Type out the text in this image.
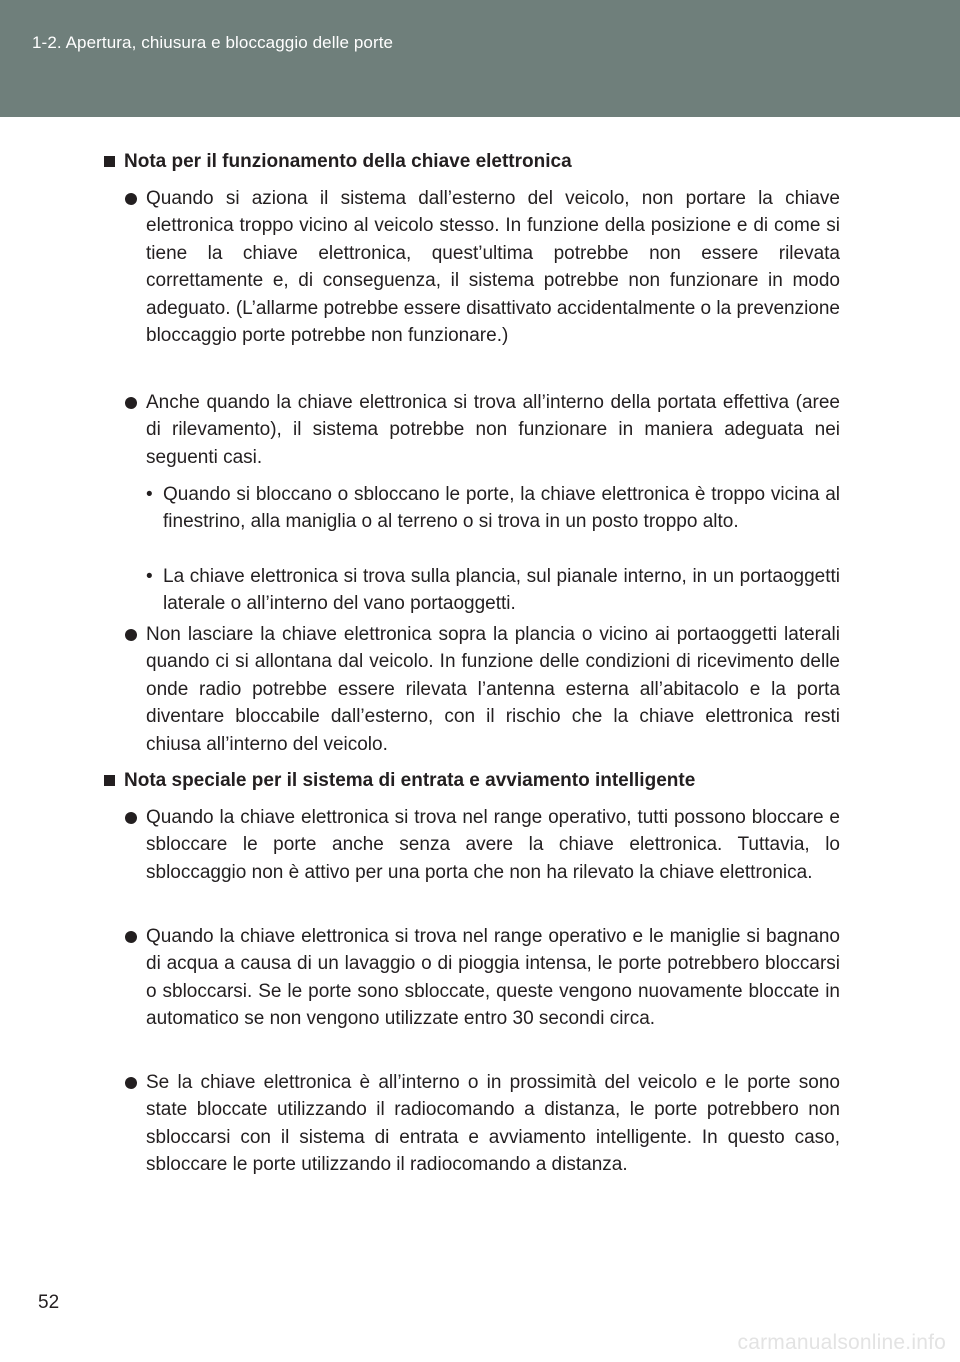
1-2. Apertura, chiusura e bloccaggio delle porte
Nota per il funzionamento della chiave elettronica
Quando si aziona il sistema dall’esterno del veicolo, non portare la chiave elettronica troppo vicino al veicolo stesso. In funzione della posizione e di come si tiene la chiave elettronica, quest’ultima potrebbe non essere rilevata correttamente e, di conseguenza, il sistema potrebbe non funzionare in modo adeguato. (L’allarme potrebbe essere disattivato accidentalmente o la prevenzione bloccaggio porte potrebbe non funzionare.)
Anche quando la chiave elettronica si trova all’interno della portata effettiva (aree di rilevamento), il sistema potrebbe non funzionare in maniera adeguata nei seguenti casi.
• Quando si bloccano o sbloccano le porte, la chiave elettronica è troppo vicina al finestrino, alla maniglia o al terreno o si trova in un posto troppo alto.
• La chiave elettronica si trova sulla plancia, sul pianale interno, in un portaoggetti laterale o all’interno del vano portaoggetti.
Non lasciare la chiave elettronica sopra la plancia o vicino ai portaoggetti laterali quando ci si allontana dal veicolo. In funzione delle condizioni di ricevimento delle onde radio potrebbe essere rilevata l’antenna esterna all’abitacolo e la porta diventare bloccabile dall’esterno, con il rischio che la chiave elettronica resti chiusa all’interno del veicolo.
Nota speciale per il sistema di entrata e avviamento intelligente
Quando la chiave elettronica si trova nel range operativo, tutti possono bloccare e sbloccare le porte anche senza avere la chiave elettronica. Tuttavia, lo sbloccaggio non è attivo per una porta che non ha rilevato la chiave elettronica.
Quando la chiave elettronica si trova nel range operativo e le maniglie si bagnano di acqua a causa di un lavaggio o di pioggia intensa, le porte potrebbero bloccarsi o sbloccarsi. Se le porte sono sbloccate, queste vengono nuovamente bloccate in automatico se non vengono utilizzate entro 30 secondi circa.
Se la chiave elettronica è all’interno o in prossimità del veicolo e le porte sono state bloccate utilizzando il radiocomando a distanza, le porte potrebbero non sbloccarsi con il sistema di entrata e avviamento intelligente. In questo caso, sbloccare le porte utilizzando il radiocomando a distanza.
52
carmanualsonline.info
